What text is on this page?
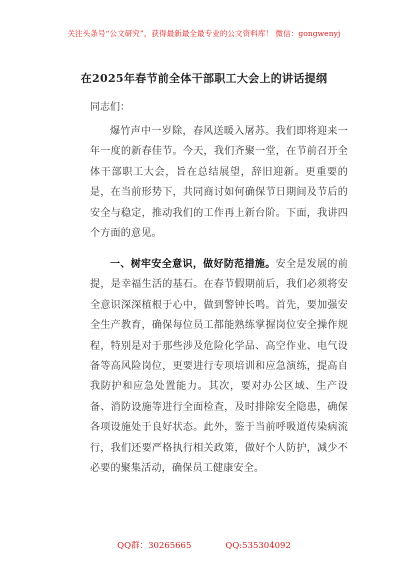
关注头条号“公文研究”，获得最新最全最专业的公文资料库！ 微信：gongwenyj
在2025年春节前全体干部职工大会上的讲话提纲
同志们：
爆竹声中一岁除，春风送暖入屠苏。我们即将迎来一年一度的新春佳节。今天，我们齐聚一堂，在节前召开全体干部职工大会，旨在总结展望，辞旧迎新。更重要的是，在当前形势下，共同商讨如何确保节日期间及节后的安全与稳定，推动我们的工作再上新台阶。下面，我讲四个方面的意见。
一、树牢安全意识，做好防范措施。安全是发展的前提，是幸福生活的基石。在春节假期前后，我们必须将安全意识深深植根于心中，做到警钟长鸣。首先，要加强安全生产教育，确保每位员工都能熟练掌握岗位安全操作规程，特别是对于那些涉及危险化学品、高空作业、电气设备等高风险岗位，更要进行专项培训和应急演练，提高自我防护和应急处置能力。其次，要对办公区域、生产设备、消防设施等进行全面检查，及时排除安全隐患，确保各项设施处于良好状态。此外，鉴于当前呼吸道传染病流行，我们还要严格执行相关政策，做好个人防护，减少不必要的聚集活动，确保员工健康安全。
QQ群：30265665	QQ:535304092
